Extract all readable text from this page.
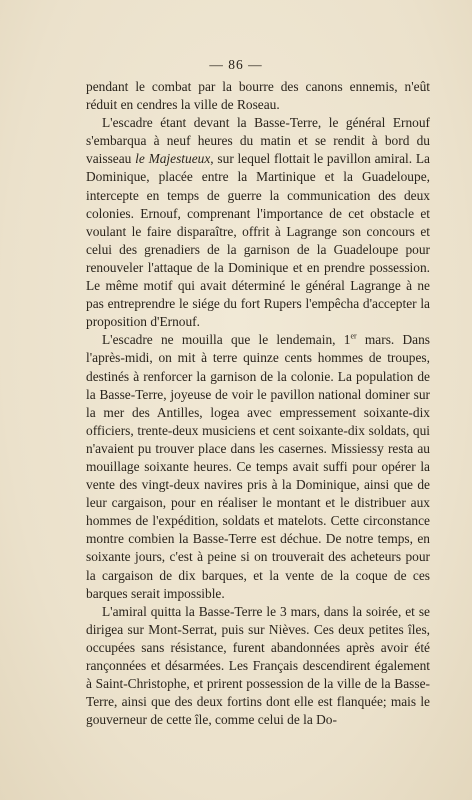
— 86 —

pendant le combat par la bourre des canons ennemis, n'eût réduit en cendres la ville de Roseau.

L'escadre étant devant la Basse-Terre, le général Ernouf s'embarqua à neuf heures du matin et se rendit à bord du vaisseau le Majestueux, sur lequel flottait le pavillon amiral. La Dominique, placée entre la Martinique et la Guadeloupe, intercepte en temps de guerre la communication des deux colonies. Ernouf, comprenant l'importance de cet obstacle et voulant le faire disparaître, offrit à Lagrange son concours et celui des grenadiers de la garnison de la Guadeloupe pour renouveler l'attaque de la Dominique et en prendre possession. Le même motif qui avait déterminé le général Lagrange à ne pas entreprendre le siége du fort Rupers l'empêcha d'accepter la proposition d'Ernouf.

L'escadre ne mouilla que le lendemain, 1er mars. Dans l'après-midi, on mit à terre quinze cents hommes de troupes, destinés à renforcer la garnison de la colonie. La population de la Basse-Terre, joyeuse de voir le pavillon national dominer sur la mer des Antilles, logea avec empressement soixante-dix officiers, trente-deux musiciens et cent soixante-dix soldats, qui n'avaient pu trouver place dans les casernes. Missiessy resta au mouillage soixante heures. Ce temps avait suffi pour opérer la vente des vingt-deux navires pris à la Dominique, ainsi que de leur cargaison, pour en réaliser le montant et le distribuer aux hommes de l'expédition, soldats et matelots. Cette circonstance montre combien la Basse-Terre est déchue. De notre temps, en soixante jours, c'est à peine si on trouverait des acheteurs pour la cargaison de dix barques, et la vente de la coque de ces barques serait impossible.

L'amiral quitta la Basse-Terre le 3 mars, dans la soirée, et se dirigea sur Mont-Serrat, puis sur Nièves. Ces deux petites îles, occupées sans résistance, furent abandonnées après avoir été rançonnées et désarmées. Les Français descendirent également à Saint-Christophe, et prirent possession de la ville de la Basse-Terre, ainsi que des deux fortins dont elle est flanquée; mais le gouverneur de cette île, comme celui de la Do-
